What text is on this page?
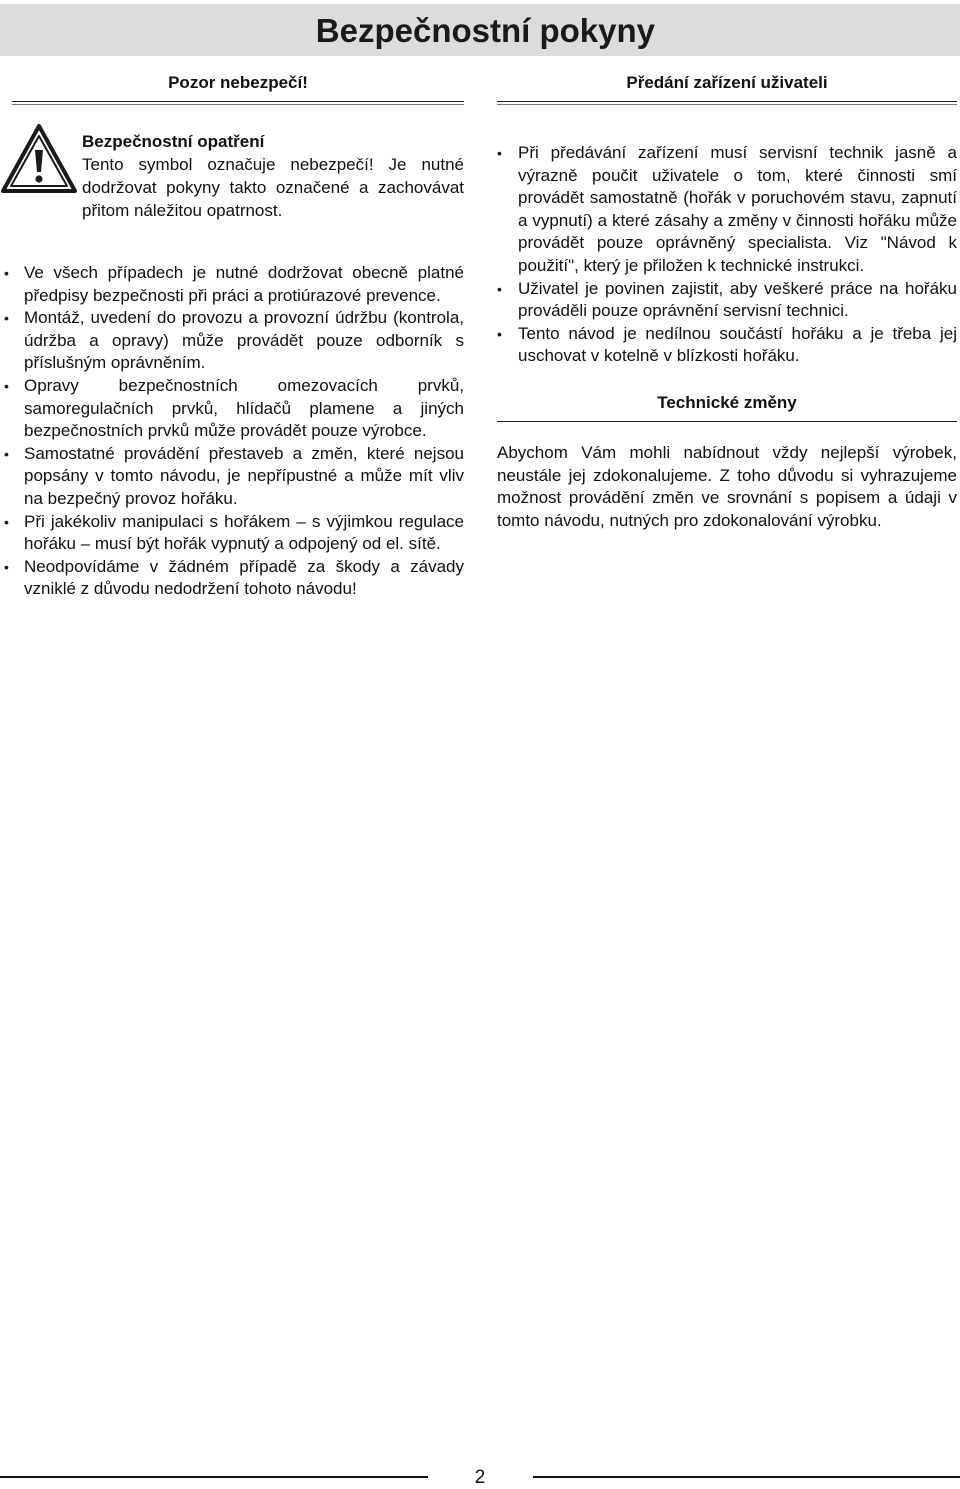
Bezpečnostní pokyny
Pozor nebezpečí!
Bezpečnostní opatření
Tento symbol označuje nebezpečí! Je nutné dodržovat pokyny takto označené a zachovávat přitom náležitou opatrnost.
• Ve všech případech je nutné dodržovat obecně platné předpisy bezpečnosti při práci a protiúrazové prevence.
• Montáž, uvedení do provozu a provozní údržbu (kontrola, údržba a opravy) může provádět pouze odborník s příslušným oprávněním.
• Opravy bezpečnostních omezovacích prvků, samoregulačních prvků, hlídačů plamene a jiných bezpečnostních prvků může provádět pouze výrobce.
• Samostatné provádění přestaveb a změn, které nejsou popsány v tomto návodu, je nepřípustné a může mít vliv na bezpečný provoz hořáku.
• Při jakékoliv manipulaci s hořákem – s výjimkou regulace hořáku – musí být hořák vypnutý a odpojený od el. sítě.
• Neodpovídáme v žádném případě za škody a závady vzniklé z důvodu nedodržení tohoto návodu!
Předání zařízení uživateli
• Při předávání zařízení musí servisní technik jasně a výrazně poučit uživatele o tom, které činnosti smí provádět samostatně (hořák v poruchovém stavu, zapnutí a vypnutí) a které zásahy a změny v činnosti hořáku může provádět pouze oprávněný specialista. Viz "Návod k použití", který je přiložen k technické instrukci.
• Uživatel je povinen zajistit, aby veškeré práce na hořáku prováděli pouze oprávnění servisní technici.
• Tento návod je nedílnou součástí hořáku a je třeba jej uschovat v kotelně v blízkosti hořáku.
Technické změny

Abychom Vám mohli nabídnout vždy nejlepší výrobek, neustále jej zdokonalujeme. Z toho důvodu si vyhrazujeme možnost provádění změn ve srovnání s popisem a údaji v tomto návodu, nutných pro zdokonalování výrobku.

2
